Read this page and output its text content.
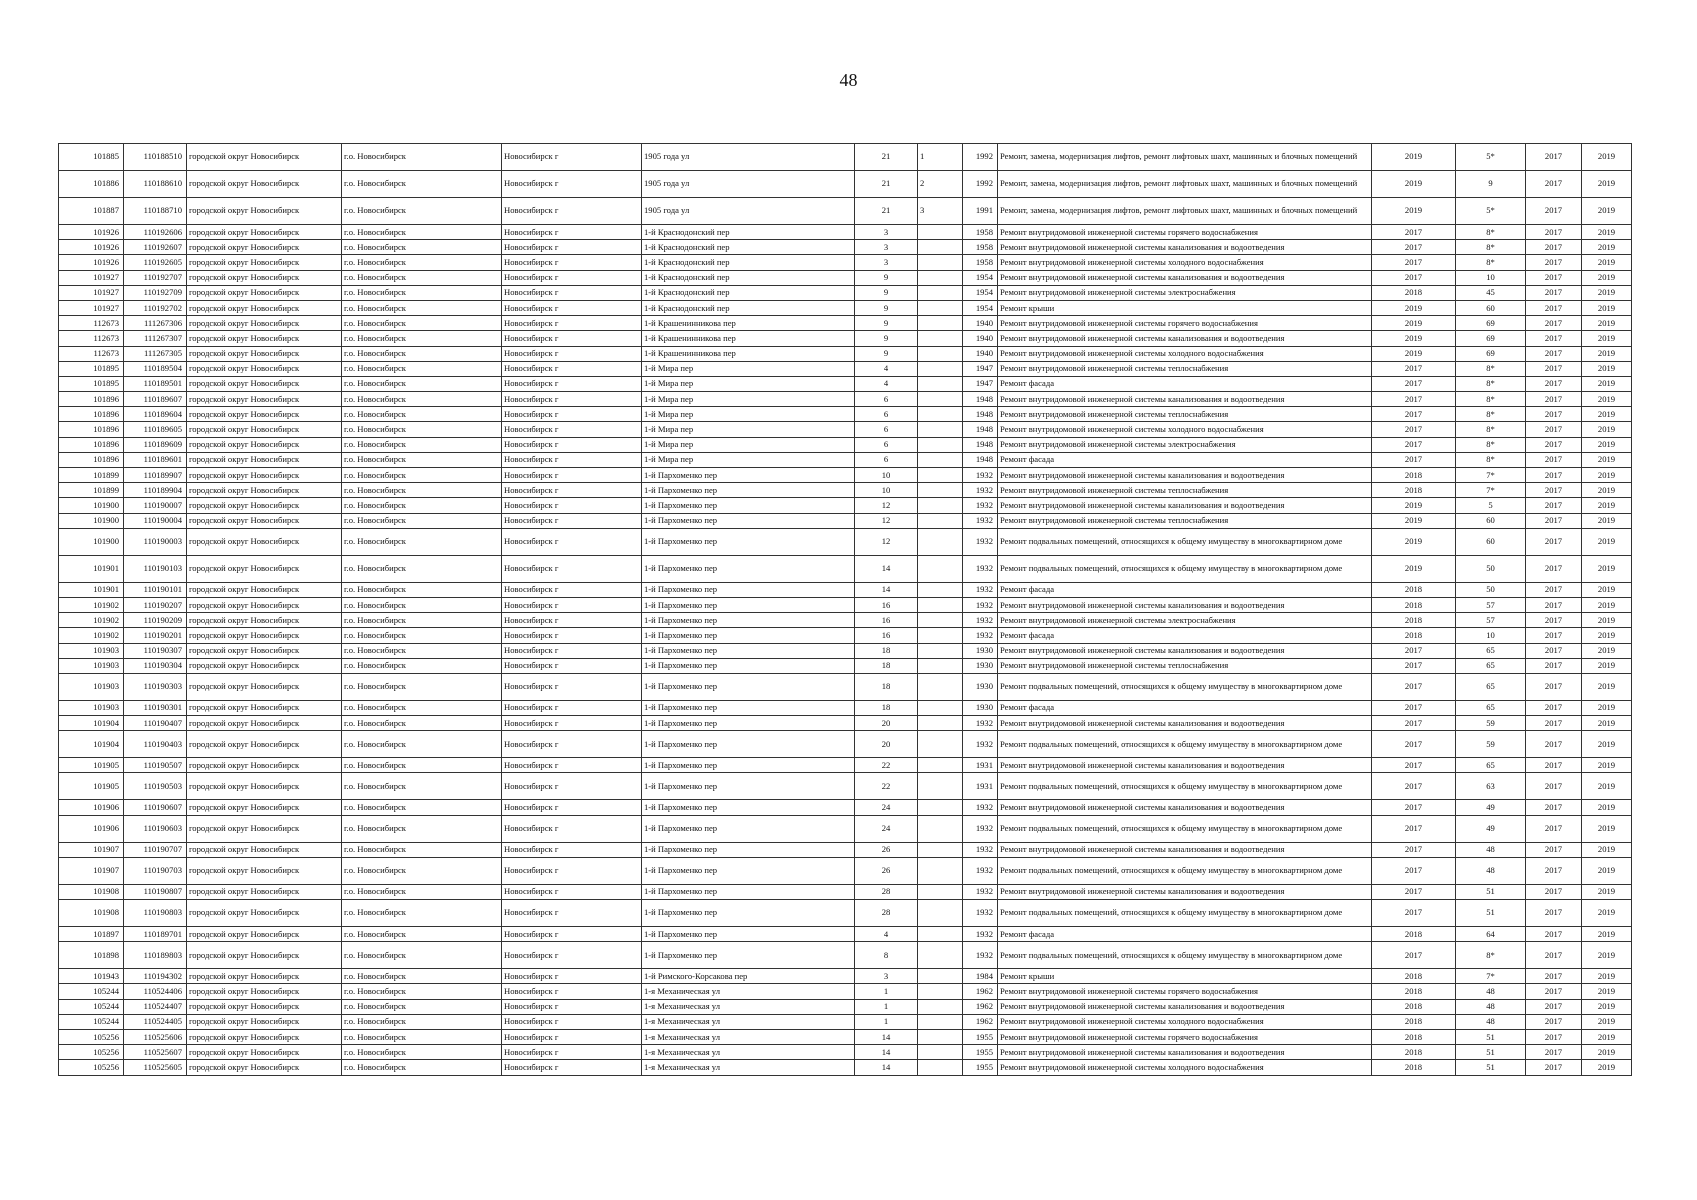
48
101885	110188510	городской округ Новосибирск	г.о. Новосибирск	Новосибирск г	1905 года ул	21	1	1992	Ремонт, замена, модернизация лифтов, ремонт лифтовых шахт, машинных и блочных помещений	2019	5*	2017	2019
101886	110188610	городской округ Новосибирск	г.о. Новосибирск	Новосибирск г	1905 года ул	21	2	1992	Ремонт, замена, модернизация лифтов, ремонт лифтовых шахт, машинных и блочных помещений	2019	9	2017	2019
101887	110188710	городской округ Новосибирск	г.о. Новосибирск	Новосибирск г	1905 года ул	21	3	1991	Ремонт, замена, модернизация лифтов, ремонт лифтовых шахт, машинных и блочных помещений	2019	5*	2017	2019
101926	110192606	городской округ Новосибирск	г.о. Новосибирск	Новосибирск г	1-й Краснодонский пер	3		1958	Ремонт внутридомовой инженерной системы горячего водоснабжения	2017	8*	2017	2019
101926	110192607	городской округ Новосибирск	г.о. Новосибирск	Новосибирск г	1-й Краснодонский пер	3		1958	Ремонт внутридомовой инженерной системы канализования и водоотведения	2017	8*	2017	2019
101926	110192605	городской округ Новосибирск	г.о. Новосибирск	Новосибирск г	1-й Краснодонский пер	3		1958	Ремонт внутридомовой инженерной системы холодного водоснабжения	2017	8*	2017	2019
101927	110192707	городской округ Новосибирск	г.о. Новосибирск	Новосибирск г	1-й Краснодонский пер	9		1954	Ремонт внутридомовой инженерной системы канализования и водоотведения	2017	10	2017	2019
101927	110192709	городской округ Новосибирск	г.о. Новосибирск	Новосибирск г	1-й Краснодонский пер	9		1954	Ремонт внутридомовой инженерной системы электроснабжения	2018	45	2017	2019
101927	110192702	городской округ Новосибирск	г.о. Новосибирск	Новосибирск г	1-й Краснодонский пер	9		1954	Ремонт крыши	2019	60	2017	2019
112673	111267306	городской округ Новосибирск	г.о. Новосибирск	Новосибирск г	1-й Крашенинникова пер	9		1940	Ремонт внутридомовой инженерной системы горячего водоснабжения	2019	69	2017	2019
112673	111267307	городской округ Новосибирск	г.о. Новосибирск	Новосибирск г	1-й Крашенинникова пер	9		1940	Ремонт внутридомовой инженерной системы канализования и водоотведения	2019	69	2017	2019
112673	111267305	городской округ Новосибирск	г.о. Новосибирск	Новосибирск г	1-й Крашенинникова пер	9		1940	Ремонт внутридомовой инженерной системы холодного водоснабжения	2019	69	2017	2019
101895	110189504	городской округ Новосибирск	г.о. Новосибирск	Новосибирск г	1-й Мира пер	4		1947	Ремонт внутридомовой инженерной системы теплоснабжения	2017	8*	2017	2019
101895	110189501	городской округ Новосибирск	г.о. Новосибирск	Новосибирск г	1-й Мира пер	4		1947	Ремонт фасада	2017	8*	2017	2019
101896	110189607	городской округ Новосибирск	г.о. Новосибирск	Новосибирск г	1-й Мира пер	6		1948	Ремонт внутридомовой инженерной системы канализования и водоотведения	2017	8*	2017	2019
101896	110189604	городской округ Новосибирск	г.о. Новосибирск	Новосибирск г	1-й Мира пер	6		1948	Ремонт внутридомовой инженерной системы теплоснабжения	2017	8*	2017	2019
101896	110189605	городской округ Новосибирск	г.о. Новосибирск	Новосибирск г	1-й Мира пер	6		1948	Ремонт внутридомовой инженерной системы холодного водоснабжения	2017	8*	2017	2019
101896	110189609	городской округ Новосибирск	г.о. Новосибирск	Новосибирск г	1-й Мира пер	6		1948	Ремонт внутридомовой инженерной системы электроснабжения	2017	8*	2017	2019
101896	110189601	городской округ Новосибирск	г.о. Новосибирск	Новосибирск г	1-й Мира пер	6		1948	Ремонт фасада	2017	8*	2017	2019
101899	110189907	городской округ Новосибирск	г.о. Новосибирск	Новосибирск г	1-й Пархоменко пер	10		1932	Ремонт внутридомовой инженерной системы канализования и водоотведения	2018	7*	2017	2019
101899	110189904	городской округ Новосибирск	г.о. Новосибирск	Новосибирск г	1-й Пархоменко пер	10		1932	Ремонт внутридомовой инженерной системы теплоснабжения	2018	7*	2017	2019
101900	110190007	городской округ Новосибирск	г.о. Новосибирск	Новосибирск г	1-й Пархоменко пер	12		1932	Ремонт внутридомовой инженерной системы канализования и водоотведения	2019	5	2017	2019
101900	110190004	городской округ Новосибирск	г.о. Новосибирск	Новосибирск г	1-й Пархоменко пер	12		1932	Ремонт внутридомовой инженерной системы теплоснабжения	2019	60	2017	2019
101900	110190003	городской округ Новосибирск	г.о. Новосибирск	Новосибирск г	1-й Пархоменко пер	12		1932	Ремонт подвальных помещений, относящихся к общему имуществу в многоквартирном доме	2019	60	2017	2019
101901	110190103	городской округ Новосибирск	г.о. Новосибирск	Новосибирск г	1-й Пархоменко пер	14		1932	Ремонт подвальных помещений, относящихся к общему имуществу в многоквартирном доме	2019	50	2017	2019
101901	110190101	городской округ Новосибирск	г.о. Новосибирск	Новосибирск г	1-й Пархоменко пер	14		1932	Ремонт фасада	2018	50	2017	2019
101902	110190207	городской округ Новосибирск	г.о. Новосибирск	Новосибирск г	1-й Пархоменко пер	16		1932	Ремонт внутридомовой инженерной системы канализования и водоотведения	2018	57	2017	2019
101902	110190209	городской округ Новосибирск	г.о. Новосибирск	Новосибирск г	1-й Пархоменко пер	16		1932	Ремонт внутридомовой инженерной системы электроснабжения	2018	57	2017	2019
101902	110190201	городской округ Новосибирск	г.о. Новосибирск	Новосибирск г	1-й Пархоменко пер	16		1932	Ремонт фасада	2018	10	2017	2019
101903	110190307	городской округ Новосибирск	г.о. Новосибирск	Новосибирск г	1-й Пархоменко пер	18		1930	Ремонт внутридомовой инженерной системы канализования и водоотведения	2017	65	2017	2019
101903	110190304	городской округ Новосибирск	г.о. Новосибирск	Новосибирск г	1-й Пархоменко пер	18		1930	Ремонт внутридомовой инженерной системы теплоснабжения	2017	65	2017	2019
101903	110190303	городской округ Новосибирск	г.о. Новосибирск	Новосибирск г	1-й Пархоменко пер	18		1930	Ремонт подвальных помещений, относящихся к общему имуществу в многоквартирном доме	2017	65	2017	2019
101903	110190301	городской округ Новосибирск	г.о. Новосибирск	Новосибирск г	1-й Пархоменко пер	18		1930	Ремонт фасада	2017	65	2017	2019
101904	110190407	городской округ Новосибирск	г.о. Новосибирск	Новосибирск г	1-й Пархоменко пер	20		1932	Ремонт внутридомовой инженерной системы канализования и водоотведения	2017	59	2017	2019
101904	110190403	городской округ Новосибирск	г.о. Новосибирск	Новосибирск г	1-й Пархоменко пер	20		1932	Ремонт подвальных помещений, относящихся к общему имуществу в многоквартирном доме	2017	59	2017	2019
101905	110190507	городской округ Новосибирск	г.о. Новосибирск	Новосибирск г	1-й Пархоменко пер	22		1931	Ремонт внутридомовой инженерной системы канализования и водоотведения	2017	65	2017	2019
101905	110190503	городской округ Новосибирск	г.о. Новосибирск	Новосибирск г	1-й Пархоменко пер	22		1931	Ремонт подвальных помещений, относящихся к общему имуществу в многоквартирном доме	2017	63	2017	2019
101906	110190607	городской округ Новосибирск	г.о. Новосибирск	Новосибирск г	1-й Пархоменко пер	24		1932	Ремонт внутридомовой инженерной системы канализования и водоотведения	2017	49	2017	2019
101906	110190603	городской округ Новосибирск	г.о. Новосибирск	Новосибирск г	1-й Пархоменко пер	24		1932	Ремонт подвальных помещений, относящихся к общему имуществу в многоквартирном доме	2017	49	2017	2019
101907	110190707	городской округ Новосибирск	г.о. Новосибирск	Новосибирск г	1-й Пархоменко пер	26		1932	Ремонт внутридомовой инженерной системы канализования и водоотведения	2017	48	2017	2019
101907	110190703	городской округ Новосибирск	г.о. Новосибирск	Новосибирск г	1-й Пархоменко пер	26		1932	Ремонт подвальных помещений, относящихся к общему имуществу в многоквартирном доме	2017	48	2017	2019
101908	110190807	городской округ Новосибирск	г.о. Новосибирск	Новосибирск г	1-й Пархоменко пер	28		1932	Ремонт внутридомовой инженерной системы канализования и водоотведения	2017	51	2017	2019
101908	110190803	городской округ Новосибирск	г.о. Новосибирск	Новосибирск г	1-й Пархоменко пер	28		1932	Ремонт подвальных помещений, относящихся к общему имуществу в многоквартирном доме	2017	51	2017	2019
101897	110189701	городской округ Новосибирск	г.о. Новосибирск	Новосибирск г	1-й Пархоменко пер	4		1932	Ремонт фасада	2018	64	2017	2019
101898	110189803	городской округ Новосибирск	г.о. Новосибирск	Новосибирск г	1-й Пархоменко пер	8		1932	Ремонт подвальных помещений, относящихся к общему имуществу в многоквартирном доме	2017	8*	2017	2019
101943	110194302	городской округ Новосибирск	г.о. Новосибирск	Новосибирск г	1-й Римского-Корсакова пер	3		1984	Ремонт крыши	2018	7*	2017	2019
105244	110524406	городской округ Новосибирск	г.о. Новосибирск	Новосибирск г	1-я Механическая ул	1		1962	Ремонт внутридомовой инженерной системы горячего водоснабжения	2018	48	2017	2019
105244	110524407	городской округ Новосибирск	г.о. Новосибирск	Новосибирск г	1-я Механическая ул	1		1962	Ремонт внутридомовой инженерной системы канализования и водоотведения	2018	48	2017	2019
105244	110524405	городской округ Новосибирск	г.о. Новосибирск	Новосибирск г	1-я Механическая ул	1		1962	Ремонт внутридомовой инженерной системы холодного водоснабжения	2018	48	2017	2019
105256	110525606	городской округ Новосибирск	г.о. Новосибирск	Новосибирск г	1-я Механическая ул	14		1955	Ремонт внутридомовой инженерной системы горячего водоснабжения	2018	51	2017	2019
105256	110525607	городской округ Новосибирск	г.о. Новосибирск	Новосибирск г	1-я Механическая ул	14		1955	Ремонт внутридомовой инженерной системы канализования и водоотведения	2018	51	2017	2019
105256	110525605	городской округ Новосибирск	г.о. Новосибирск	Новосибирск г	1-я Механическая ул	14		1955	Ремонт внутридомовой инженерной системы холодного водоснабжения	2018	51	2017	2019
